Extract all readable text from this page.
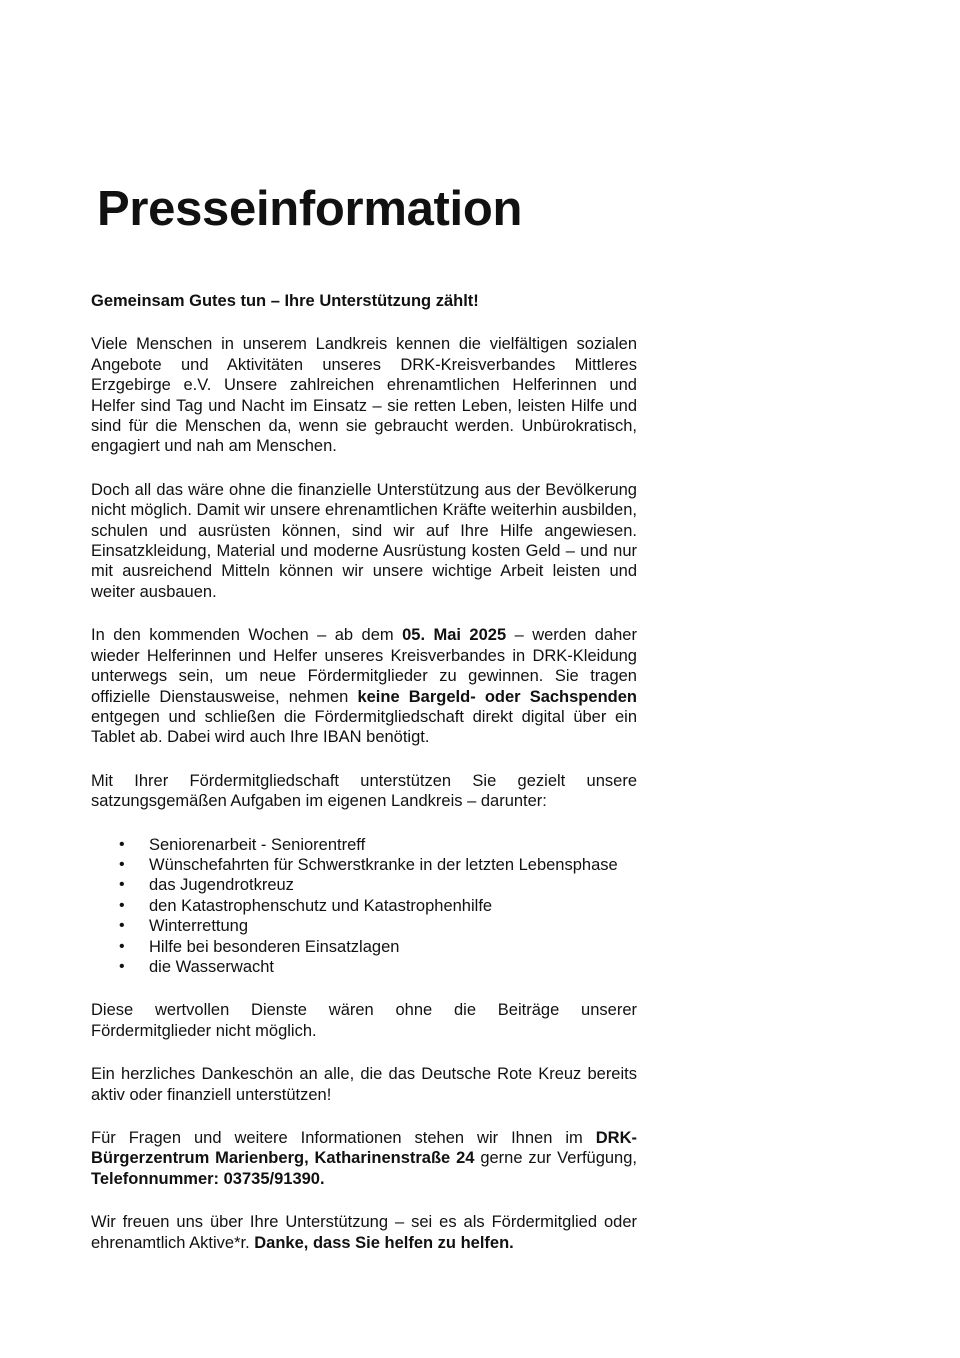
Presseinformation
Gemeinsam Gutes tun – Ihre Unterstützung zählt!

Viele Menschen in unserem Landkreis kennen die vielfältigen sozialen Angebote und Aktivitäten unseres DRK-Kreisverbandes Mittleres Erzgebirge e.V. Unsere zahlreichen ehrenamtlichen Helferinnen und Helfer sind Tag und Nacht im Einsatz – sie retten Leben, leisten Hilfe und sind für die Menschen da, wenn sie gebraucht werden. Unbürokratisch, engagiert und nah am Menschen.

Doch all das wäre ohne die finanzielle Unterstützung aus der Bevölkerung nicht möglich. Damit wir unsere ehrenamtlichen Kräfte weiterhin ausbilden, schulen und ausrüsten können, sind wir auf Ihre Hilfe angewiesen. Einsatzkleidung, Material und moderne Ausrüstung kosten Geld – und nur mit ausreichend Mitteln können wir unsere wichtige Arbeit leisten und weiter ausbauen.

In den kommenden Wochen – ab dem 05. Mai 2025 – werden daher wieder Helferinnen und Helfer unseres Kreisverbandes in DRK-Kleidung unterwegs sein, um neue Fördermitglieder zu gewinnen. Sie tragen offizielle Dienstausweise, nehmen keine Bargeld- oder Sachspenden entgegen und schließen die Fördermitgliedschaft direkt digital über ein Tablet ab. Dabei wird auch Ihre IBAN benötigt.

Mit Ihrer Fördermitgliedschaft unterstützen Sie gezielt unsere satzungsgemäßen Aufgaben im eigenen Landkreis – darunter:

• Seniorenarbeit - Seniorentreff
• Wünschefahrten für Schwerstkranke in der letzten Lebensphase
• das Jugendrotkreuz
• den Katastrophenschutz und Katastrophenhilfe
• Winterrettung
• Hilfe bei besonderen Einsatzlagen
• die Wasserwacht

Diese wertvollen Dienste wären ohne die Beiträge unserer Fördermitglieder nicht möglich.

Ein herzliches Dankeschön an alle, die das Deutsche Rote Kreuz bereits aktiv oder finanziell unterstützen!

Für Fragen und weitere Informationen stehen wir Ihnen im DRK-Bürgerzentrum Marienberg, Katharinenstraße 24 gerne zur Verfügung, Telefonnummer: 03735/91390.

Wir freuen uns über Ihre Unterstützung – sei es als Fördermitglied oder ehrenamtlich Aktive*r. Danke, dass Sie helfen zu helfen.
